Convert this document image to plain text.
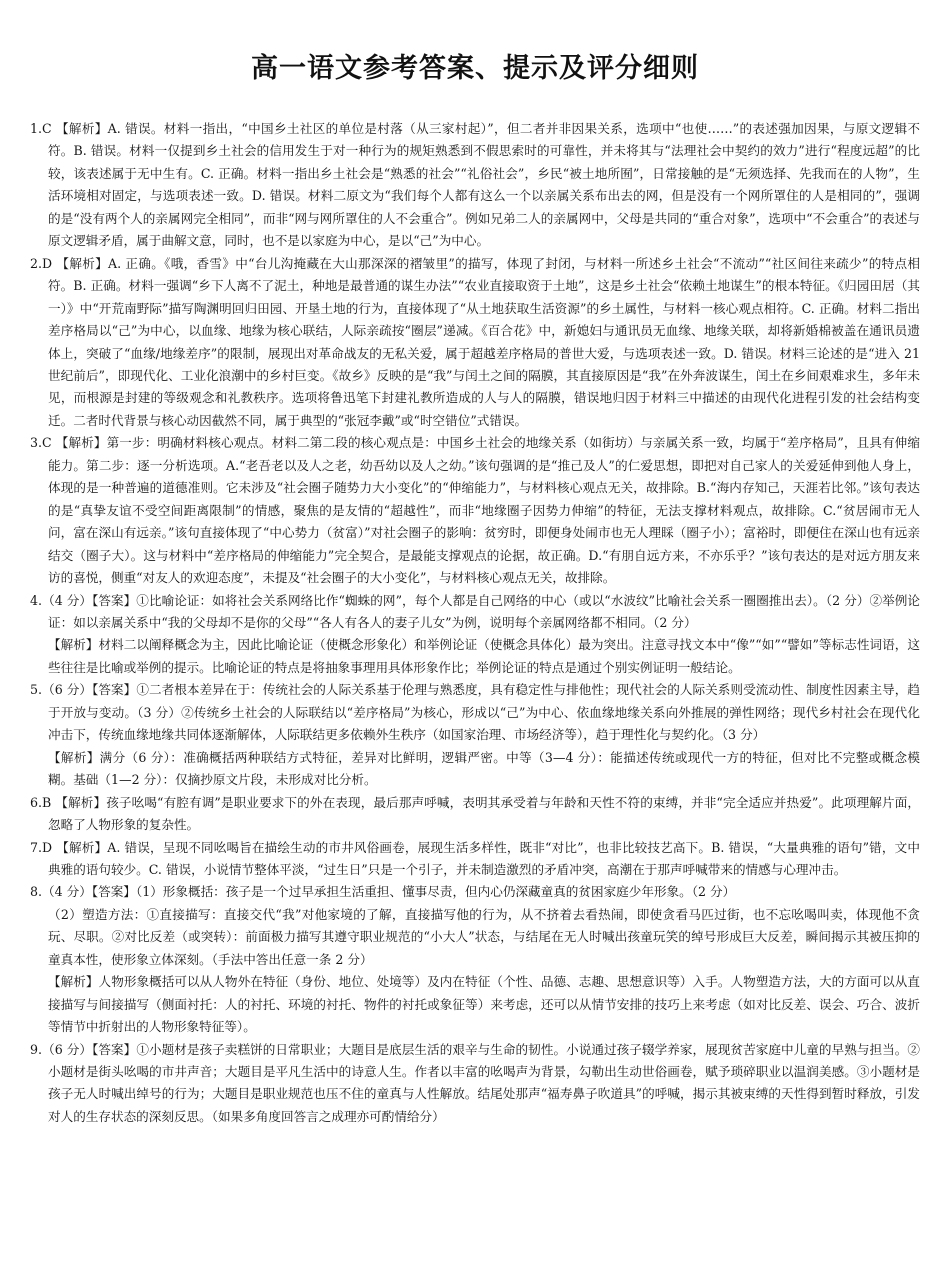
高一语文参考答案、提示及评分细则

1.C 【解析】A. 错误。材料一指出，“中国乡土社区的单位是村落（从三家村起）”，但二者并非因果关系，选项中“也使……”的表述强加因果，与原文逻辑不符。B. 错误。材料一仅提到乡土社会的信用发生于对一种行为的规矩熟悉到不假思索时的可靠性，并未将其与“法理社会中契约的效力”进行“程度远超”的比较，该表述属于无中生有。C. 正确。材料一指出乡土社会是“熟悉的社会”“礼俗社会”，乡民“被土地所囿”，日常接触的是“无须选择、先我而在的人物”，生活环境相对固定，与选项表述一致。D. 错误。材料二原文为“我们每个人都有这么一个以亲属关系布出去的网，但是没有一个网所罩住的人是相同的”，强调的是“没有两个人的亲属网完全相同”，而非“网与网所罩住的人不会重合”。例如兄弟二人的亲属网中，父母是共同的“重合对象”，选项中“不会重合”的表述与原文逻辑矛盾，属于曲解文意，同时，也不是以家庭为中心，是以“己”为中心。

2.D 【解析】A. 正确。《哦，香雪》中“台儿沟掩藏在大山那深深的褶皱里”的描写，体现了封闭，与材料一所述乡土社会“不流动”“社区间往来疏少”的特点相符。B. 正确。材料一强调“乡下人离不了泥土，种地是最普通的谋生办法”“农业直接取资于土地”，这是乡土社会“依赖土地谋生”的根本特征。《归园田居（其一）》中“开荒南野际”描写陶渊明回归田园、开垦土地的行为，直接体现了“从土地获取生活资源”的乡土属性，与材料一核心观点相符。C. 正确。材料二指出差序格局以“己”为中心，以血缘、地缘为核心联结，人际亲疏按“圈层”递减。《百合花》中，新媳妇与通讯员无血缘、地缘关联，却将新婚棉被盖在通讯员遗体上，突破了“血缘/地缘差序”的限制，展现出对革命战友的无私关爱，属于超越差序格局的普世大爱，与选项表述一致。D. 错误。材料三论述的是“进入 21 世纪前后”，即现代化、工业化浪潮中的乡村巨变。《故乡》反映的是“我”与闰土之间的隔膜，其直接原因是“我”在外奔波谋生，闰土在乡间艰难求生，多年未见，而根源是封建的等级观念和礼教秩序。选项将鲁迅笔下封建礼教所造成的人与人的隔膜，错误地归因于材料三中描述的由现代化进程引发的社会结构变迁。二者时代背景与核心动因截然不同，属于典型的“张冠李戴”或“时空错位”式错误。

3.C 【解析】第一步：明确材料核心观点。材料二第二段的核心观点是：中国乡土社会的地缘关系（如街坊）与亲属关系一致，均属于“差序格局”，且具有伸缩能力。第二步：逐一分析选项。A.“老吾老以及人之老，幼吾幼以及人之幼。”该句强调的是“推己及人”的仁爱思想，即把对自己家人的关爱延伸到他人身上，体现的是一种普遍的道德准则。它未涉及“社会圈子随势力大小变化”的“伸缩能力”，与材料核心观点无关，故排除。B.“海内存知己，天涯若比邻。”该句表达的是“真挚友谊不受空间距离限制”的情感，聚焦的是友情的“超越性”，而非“地缘圈子因势力伸缩”的特征，无法支撑材料观点，故排除。C.“贫居闹市无人问，富在深山有远亲。”该句直接体现了“中心势力（贫富）”对社会圈子的影响：贫穷时，即便身处闹市也无人理睬（圈子小）；富裕时，即便住在深山也有远亲结交（圈子大）。这与材料中“差序格局的伸缩能力”完全契合，是最能支撑观点的论据，故正确。D.“有朋自远方来，不亦乐乎？”该句表达的是对远方朋友来访的喜悦，侧重“对友人的欢迎态度”，未提及“社会圈子的大小变化”，与材料核心观点无关，故排除。

4.（4 分）【答案】①比喻论证：如将社会关系网络比作“蜘蛛的网”，每个人都是自己网络的中心（或以“水波纹”比喻社会关系一圈圈推出去）。（2 分）②举例论证：如以亲属关系中“我的父母却不是你的父母”“各人有各人的妻子儿女”为例，说明每个亲属网络都不相同。（2 分）

【解析】材料二以阐释概念为主，因此比喻论证（使概念形象化）和举例论证（使概念具体化）最为突出。注意寻找文本中“像”“如”“譬如”等标志性词语，这些往往是比喻或举例的提示。比喻论证的特点是将抽象事理用具体形象作比；举例论证的特点是通过个别实例证明一般结论。

5.（6 分）【答案】①二者根本差异在于：传统社会的人际关系基于伦理与熟悉度，具有稳定性与排他性；现代社会的人际关系则受流动性、制度性因素主导，趋于开放与变动。（3 分）②传统乡土社会的人际联结以“差序格局”为核心，形成以“己”为中心、依血缘地缘关系向外推展的弹性网络；现代乡村社会在现代化冲击下，传统血缘地缘共同体逐渐解体，人际联结更多依赖外生秩序（如国家治理、市场经济等），趋于理性化与契约化。（3 分）

【解析】满分（6 分）：准确概括两种联结方式特征，差异对比鲜明，逻辑严密。中等（3—4 分）：能描述传统或现代一方的特征，但对比不完整或概念模糊。基础（1—2 分）：仅摘抄原文片段，未形成对比分析。

6.B 【解析】孩子吆喝“有腔有调”是职业要求下的外在表现，最后那声呼喊，表明其承受着与年龄和天性不符的束缚，并非“完全适应并热爱”。此项理解片面，忽略了人物形象的复杂性。

7.D 【解析】A. 错误，呈现不同吆喝旨在描绘生动的市井风俗画卷，展现生活多样性，既非“对比”，也非比较技艺高下。B. 错误，“大量典雅的语句”错，文中典雅的语句较少。C. 错误，小说情节整体平淡，“过生日”只是一个引子，并未制造激烈的矛盾冲突，高潮在于那声呼喊带来的情感与心理冲击。

8.（4 分）【答案】（1）形象概括：孩子是一个过早承担生活重担、懂事尽责，但内心仍深藏童真的贫困家庭少年形象。（2 分）

（2）塑造方法：①直接描写：直接交代“我”对他家境的了解，直接描写他的行为，从不挤着去看热闹，即使贪看马匹过街，也不忘吆喝叫卖，体现他不贪玩、尽职。②对比反差（或突转）：前面极力描写其遵守职业规范的“小大人”状态，与结尾在无人时喊出孩童玩笑的绰号形成巨大反差，瞬间揭示其被压抑的童真本性，使形象立体深刻。（手法中答出任意一条 2 分）

【解析】人物形象概括可以从人物外在特征（身份、地位、处境等）及内在特征（个性、品德、志趣、思想意识等）入手。人物塑造方法，大的方面可以从直接描写与间接描写（侧面衬托：人的衬托、环境的衬托、物件的衬托或象征等）来考虑，还可以从情节安排的技巧上来考虑（如对比反差、误会、巧合、波折等情节中折射出的人物形象特征等）。

9.（6 分）【答案】①小题材是孩子卖糕饼的日常职业；大题目是底层生活的艰辛与生命的韧性。小说通过孩子辍学养家，展现贫苦家庭中儿童的早熟与担当。②小题材是街头吆喝的市井声音；大题目是平凡生活中的诗意人生。作者以丰富的吆喝声为背景，勾勒出生动世俗画卷，赋予琐碎职业以温润美感。③小题材是孩子无人时喊出绰号的行为；大题目是职业规范也压不住的童真与人性解放。结尾处那声“福寿鼻子吹道具”的呼喊，揭示其被束缚的天性得到暂时释放，引发对人的生存状态的深刻反思。（如果多角度回答言之成理亦可酌情给分）
